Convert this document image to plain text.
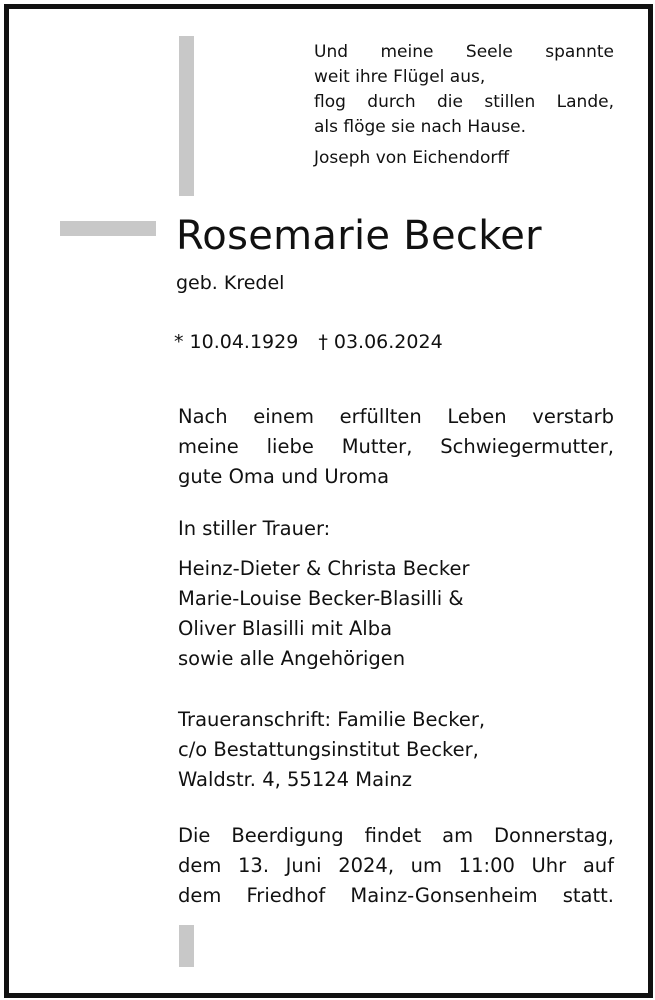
Und meine Seele spannte
weit ihre Flügel aus,
flog durch die stillen Lande,
als flöge sie nach Hause.
Joseph von Eichendorff
Rosemarie Becker
geb. Kredel
* 10.04.1929 † 03.06.2024
Nach einem erfüllten Leben verstarb
meine liebe Mutter, Schwiegermutter,
gute Oma und Uroma
In stiller Trauer:
Heinz-Dieter & Christa Becker
Marie-Louise Becker-Blasilli &
Oliver Blasilli mit Alba
sowie alle Angehörigen
Traueranschrift: Familie Becker,
c/o Bestattungsinstitut Becker,
Waldstr. 4, 55124 Mainz
Die Beerdigung findet am Donnerstag,
dem 13. Juni 2024, um 11:00 Uhr auf
dem Friedhof Mainz-Gonsenheim statt.
